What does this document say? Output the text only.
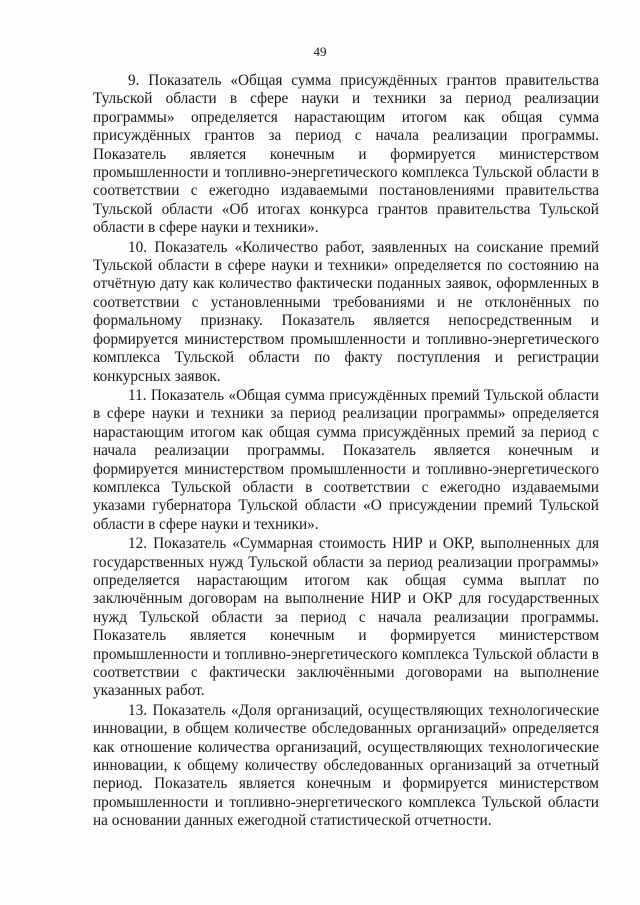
49

9. Показатель «Общая сумма присуждённых грантов правительства Тульской области в сфере науки и техники за период реализации программы» определяется нарастающим итогом как общая сумма присуждённых грантов за период с начала реализации программы. Показатель является конечным и формируется министерством промышленности и топливно-энергетического комплекса Тульской области в соответствии с ежегодно издаваемыми постановлениями правительства Тульской области «Об итогах конкурса грантов правительства Тульской области в сфере науки и техники».

10. Показатель «Количество работ, заявленных на соискание премий Тульской области в сфере науки и техники» определяется по состоянию на отчётную дату как количество фактически поданных заявок, оформленных в соответствии с установленными требованиями и не отклонённых по формальному признаку. Показатель является непосредственным и формируется министерством промышленности и топливно-энергетического комплекса Тульской области по факту поступления и регистрации конкурсных заявок.

11. Показатель «Общая сумма присуждённых премий Тульской области в сфере науки и техники за период реализации программы» определяется нарастающим итогом как общая сумма присуждённых премий за период с начала реализации программы. Показатель является конечным и формируется министерством промышленности и топливно-энергетического комплекса Тульской области в соответствии с ежегодно издаваемыми указами губернатора Тульской области «О присуждении премий Тульской области в сфере науки и техники».

12. Показатель «Суммарная стоимость НИР и ОКР, выполненных для государственных нужд Тульской области за период реализации программы» определяется нарастающим итогом как общая сумма выплат по заключённым договорам на выполнение НИР и ОКР для государственных нужд Тульской области за период с начала реализации программы. Показатель является конечным и формируется министерством промышленности и топливно-энергетического комплекса Тульской области в соответствии с фактически заключёнными договорами на выполнение указанных работ.

13. Показатель «Доля организаций, осуществляющих технологические инновации, в общем количестве обследованных организаций» определяется как отношение количества организаций, осуществляющих технологические инновации, к общему количеству обследованных организаций за отчетный период. Показатель является конечным и формируется министерством промышленности и топливно-энергетического комплекса Тульской области на основании данных ежегодной статистической отчетности.
